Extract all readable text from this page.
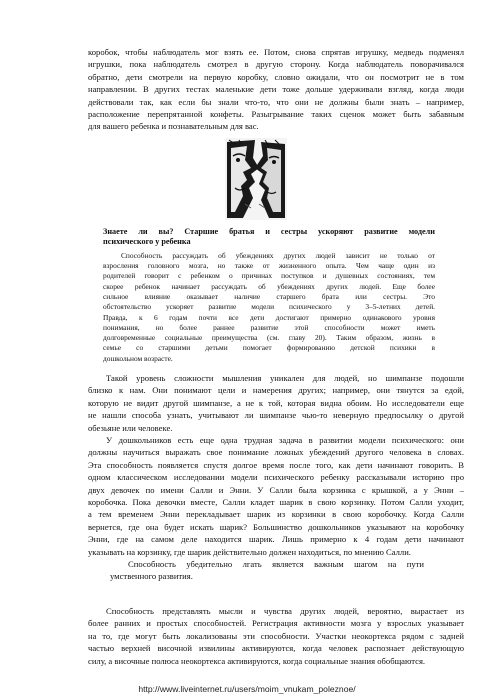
коробок, чтобы наблюдатель мог взять ее. Потом, снова спрятав игрушку, медведь подменял
игрушки, пока наблюдатель смотрел в другую сторону. Когда наблюдатель поворачивался
обратно, дети смотрели на первую коробку, словно ожидали, что он посмотрит не в том
направлении. В других тестах маленькие дети тоже дольше удерживали взгляд, когда люди
действовали так, как если бы знали что-то, что они не должны были знать – например,
расположение перепрятанной конфеты. Разыгрывание таких сценок может быть забавным
для вашего ребенка и познавательным для вас.
Знаете ли вы? Старшие братья и сестры ускоряют развитие модели
психического у ребенка
Способность рассуждать об убеждениях других людей зависит не только от
взросления головного мозга, но также от жизненного опыта. Чем чаще один из
родителей говорит с ребенком о причинах поступков и душевных состояниях, тем
скорее ребенок начинает рассуждать об убеждениях других людей. Еще более
сильное влияние оказывает наличие старшего брата или сестры. Это
обстоятельство ускоряет развитие модели психического у 3–5-летних детей.
Правда, к 6 годам почти все дети достигают примерно одинакового уровня
понимания, но более раннее развитие этой способности может иметь
долговременные социальные преимущества (см. главу 20). Таким образом, жизнь в
семье со старшими детьми помогает формированию детской психики в
дошкольном возрасте.
Такой уровень сложности мышления уникален для людей, но шимпанзе подошли
близко к нам. Они понимают цели и намерения других; например, они тянутся за едой,
которую не видит другой шимпанзе, а не к той, которая видна обоим. Но исследователи еще
не нашли способа узнать, учитывают ли шимпанзе чью-то неверную предпосылку о другой
обезьяне или человеке.
У дошкольников есть еще одна трудная задача в развитии модели психического: они
должны научиться выражать свое понимание ложных убеждений другого человека в словах.
Эта способность появляется спустя долгое время после того, как дети начинают говорить. В
одном классическом исследовании модели психического ребенку рассказывали историю про
двух девочек по имени Салли и Энни. У Салли была корзинка с крышкой, а у Энни –
коробочка. Пока девочки вместе, Салли кладет шарик в свою корзинку. Потом Салли уходит,
а тем временем Энни перекладывает шарик из корзинки в свою коробочку. Когда Салли
вернется, где она будет искать шарик? Большинство дошкольников указывают на коробочку
Энни, где на самом деле находится шарик. Лишь примерно к 4 годам дети начинают
указывать на корзинку, где шарик действительно должен находиться, по мнению Салли.
Способность убедительно лгать является важным шагом на пути
умственного развития.
Способность представлять мысли и чувства других людей, вероятно, вырастает из
более ранних и простых способностей. Регистрация активности мозга у взрослых указывает
на то, где могут быть локализованы эти способности. Участки неокортекса рядом с задней
частью верхней височной извилины активируются, когда человек распознает действующую
силу, а височные полюса неокортекса активируются, когда социальные знания обобщаются.
http://www.liveinternet.ru/users/moim_vnukam_poleznoe/
